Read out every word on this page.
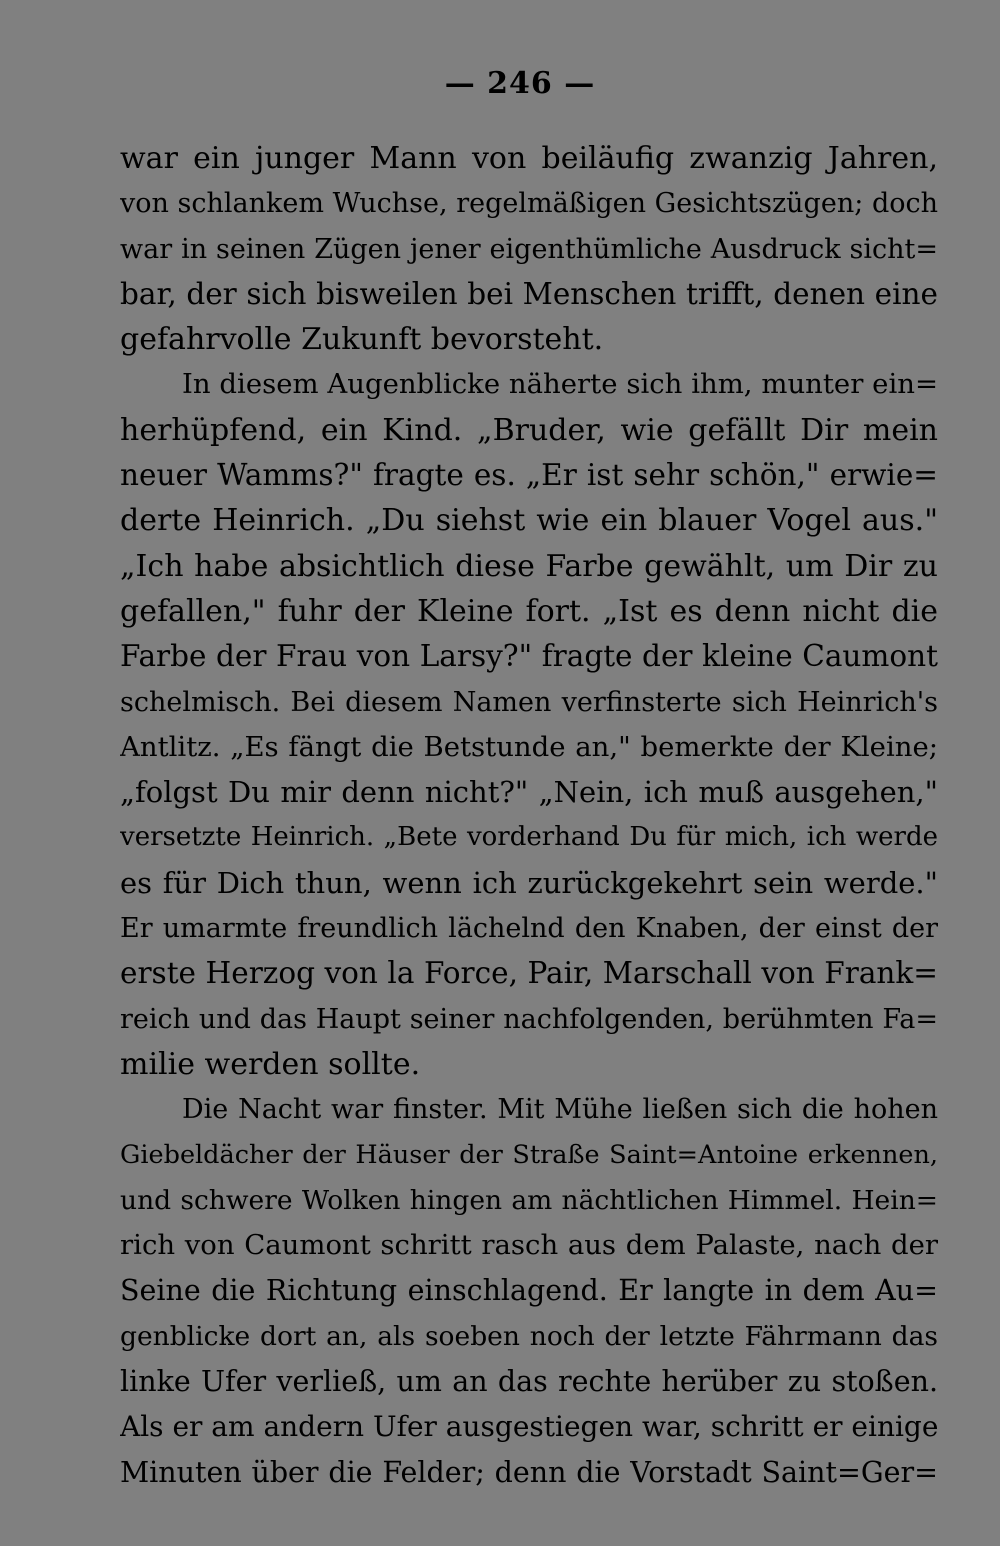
— 246 —
war ein junger Mann von beiläufig zwanzig Jahren,
von schlankem Wuchse, regelmäßigen Gesichtszügen; doch
war in seinen Zügen jener eigenthümliche Ausdruck sicht=
bar, der sich bisweilen bei Menschen trifft, denen eine
gefahrvolle Zukunft bevorsteht.
In diesem Augenblicke näherte sich ihm, munter ein=
herhüpfend, ein Kind. „Bruder, wie gefällt Dir mein
neuer Wamms?" fragte es. „Er ist sehr schön," erwie=
derte Heinrich. „Du siehst wie ein blauer Vogel aus."
„Ich habe absichtlich diese Farbe gewählt, um Dir zu
gefallen," fuhr der Kleine fort. „Ist es denn nicht die
Farbe der Frau von Larsy?" fragte der kleine Caumont
schelmisch. Bei diesem Namen verfinsterte sich Heinrich's
Antlitz. „Es fängt die Betstunde an," bemerkte der Kleine;
„folgst Du mir denn nicht?" „Nein, ich muß ausgehen,"
versetzte Heinrich. „Bete vorderhand Du für mich, ich werde
es für Dich thun, wenn ich zurückgekehrt sein werde."
Er umarmte freundlich lächelnd den Knaben, der einst der
erste Herzog von la Force, Pair, Marschall von Frank=
reich und das Haupt seiner nachfolgenden, berühmten Fa=
milie werden sollte.
Die Nacht war finster. Mit Mühe ließen sich die hohen
Giebeldächer der Häuser der Straße Saint=Antoine erkennen,
und schwere Wolken hingen am nächtlichen Himmel. Hein=
rich von Caumont schritt rasch aus dem Palaste, nach der
Seine die Richtung einschlagend. Er langte in dem Au=
genblicke dort an, als soeben noch der letzte Fährmann das
linke Ufer verließ, um an das rechte herüber zu stoßen.
Als er am andern Ufer ausgestiegen war, schritt er einige
Minuten über die Felder; denn die Vorstadt Saint=Ger=
